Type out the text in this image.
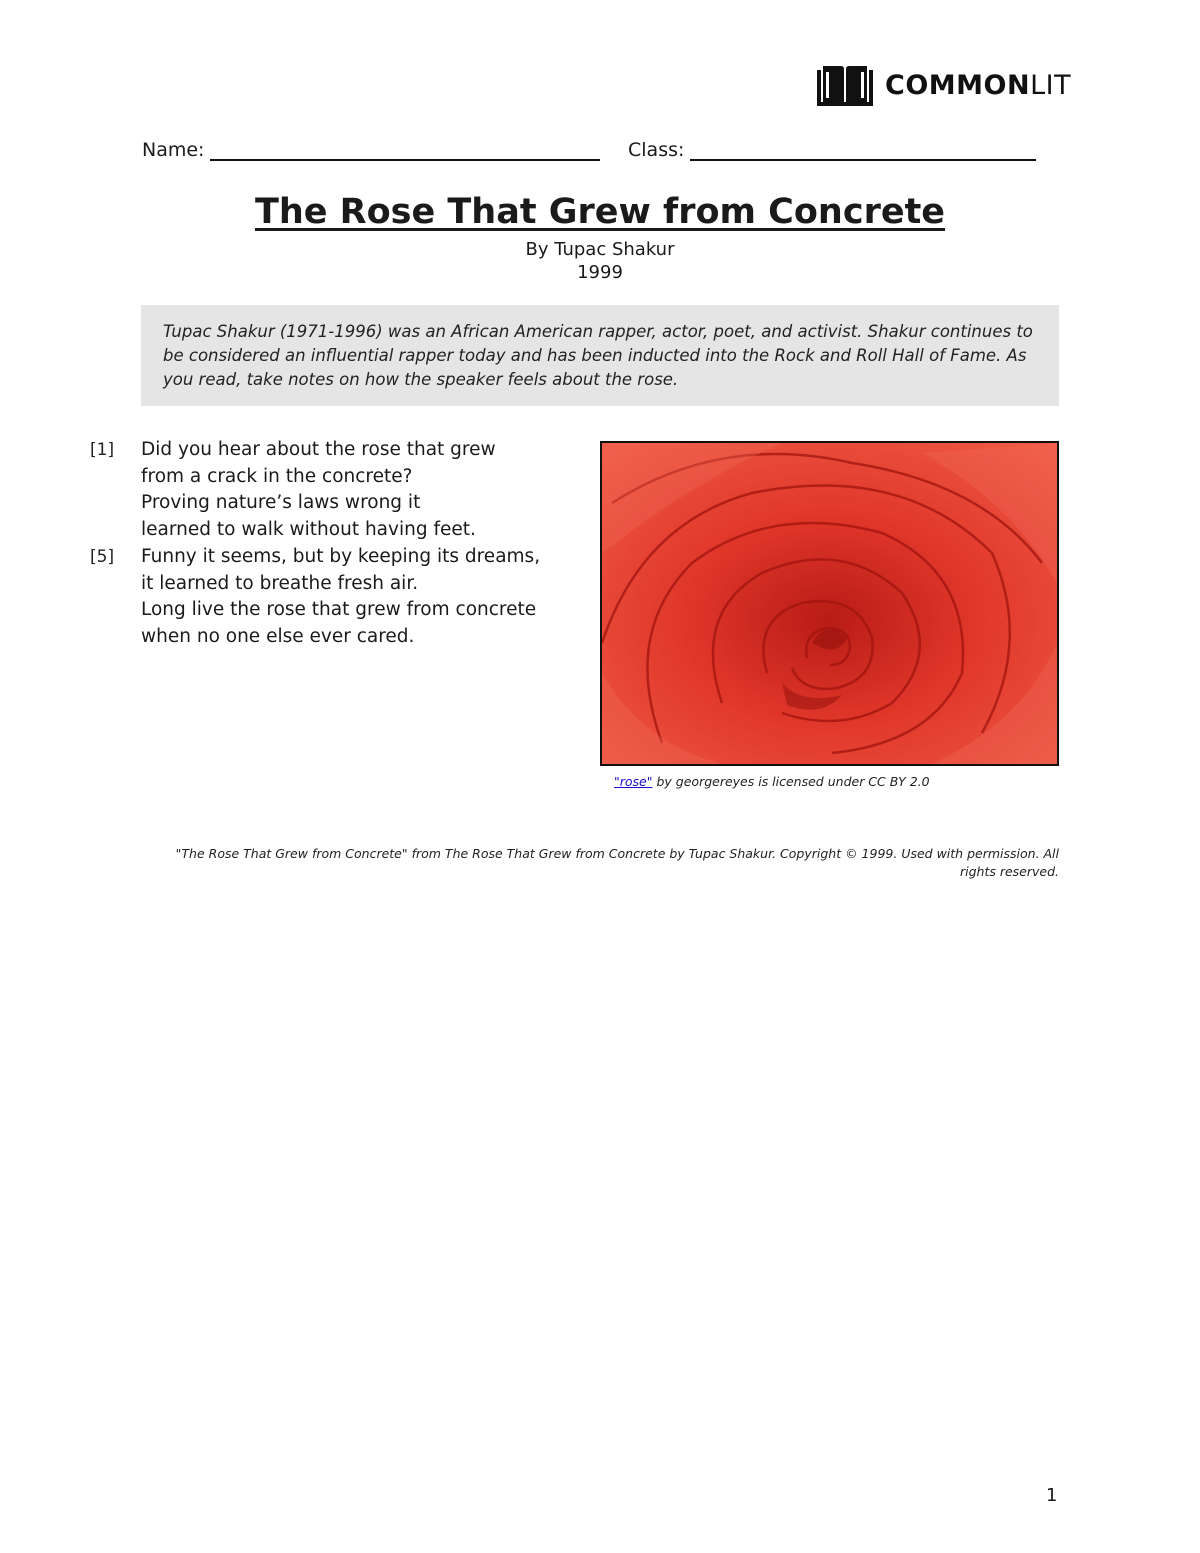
COMMONLIT
Name:	Class:
The Rose That Grew from Concrete
By Tupac Shakur
1999
Tupac Shakur (1971-1996) was an African American rapper, actor, poet, and activist. Shakur continues to be considered an influential rapper today and has been inducted into the Rock and Roll Hall of Fame. As you read, take notes on how the speaker feels about the rose.
[1] Did you hear about the rose that grew
from a crack in the concrete?
Proving nature’s laws wrong it
learned to walk without having feet.
[5] Funny it seems, but by keeping its dreams,
it learned to breathe fresh air.
Long live the rose that grew from concrete
when no one else ever cared.
"rose" by georgereyes is licensed under CC BY 2.0
"The Rose That Grew from Concrete" from The Rose That Grew from Concrete by Tupac Shakur. Copyright © 1999. Used with permission. All rights reserved.
1
